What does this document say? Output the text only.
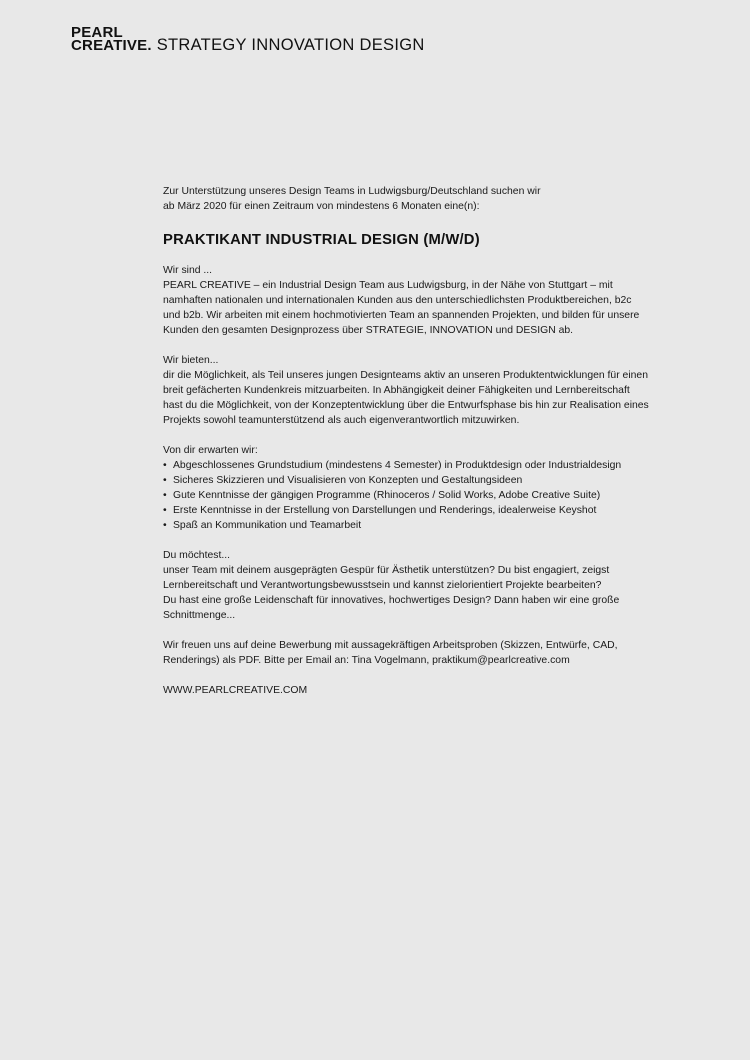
PEARL
CREATIVE. STRATEGY INNOVATION DESIGN

Zur Unterstützung unseres Design Teams in Ludwigsburg/Deutschland suchen wir

ab März 2020 für einen Zeitraum von mindestens 6 Monaten eine(n):

PRAKTIKANT INDUSTRIAL DESIGN (M/W/D)

Wir sind ...

PEARL CREATIVE – ein Industrial Design Team aus Ludwigsburg, in der Nähe von Stuttgart – mit

namhaften nationalen und internationalen Kunden aus den unterschiedlichsten Produktbereichen, b2c

und b2b. Wir arbeiten mit einem hochmotivierten Team an spannenden Projekten, und bilden für unsere

Kunden den gesamten Designprozess über STRATEGIE, INNOVATION und DESIGN ab.

Wir bieten...

dir die Möglichkeit, als Teil unseres jungen Designteams aktiv an unseren Produktentwicklungen für einen

breit gefächerten Kundenkreis mitzuarbeiten. In Abhängigkeit deiner Fähigkeiten und Lernbereitschaft

hast du die Möglichkeit, von der Konzeptentwicklung über die Entwurfsphase bis hin zur Realisation eines

Projekts sowohl teamunterstützend als auch eigenverantwortlich mitzuwirken.

Von dir erwarten wir:

• Abgeschlossenes Grundstudium (mindestens 4 Semester) in Produktdesign oder Industrialdesign
• Sicheres Skizzieren und Visualisieren von Konzepten und Gestaltungsideen
• Gute Kenntnisse der gängigen Programme (Rhinoceros / Solid Works, Adobe Creative Suite)
• Erste Kenntnisse in der Erstellung von Darstellungen und Renderings, idealerweise Keyshot
• Spaß an Kommunikation und Teamarbeit

Du möchtest...

unser Team mit deinem ausgeprägten Gespür für Ästhetik unterstützen? Du bist engagiert, zeigst

Lernbereitschaft und Verantwortungsbewusstsein und kannst zielorientiert Projekte bearbeiten?

Du hast eine große Leidenschaft für innovatives, hochwertiges Design? Dann haben wir eine große

Schnittmenge...

Wir freuen uns auf deine Bewerbung mit aussagekräftigen Arbeitsproben (Skizzen, Entwürfe, CAD,

Renderings) als PDF. Bitte per Email an: Tina Vogelmann, praktikum@pearlcreative.com

WWW.PEARLCREATIVE.COM
